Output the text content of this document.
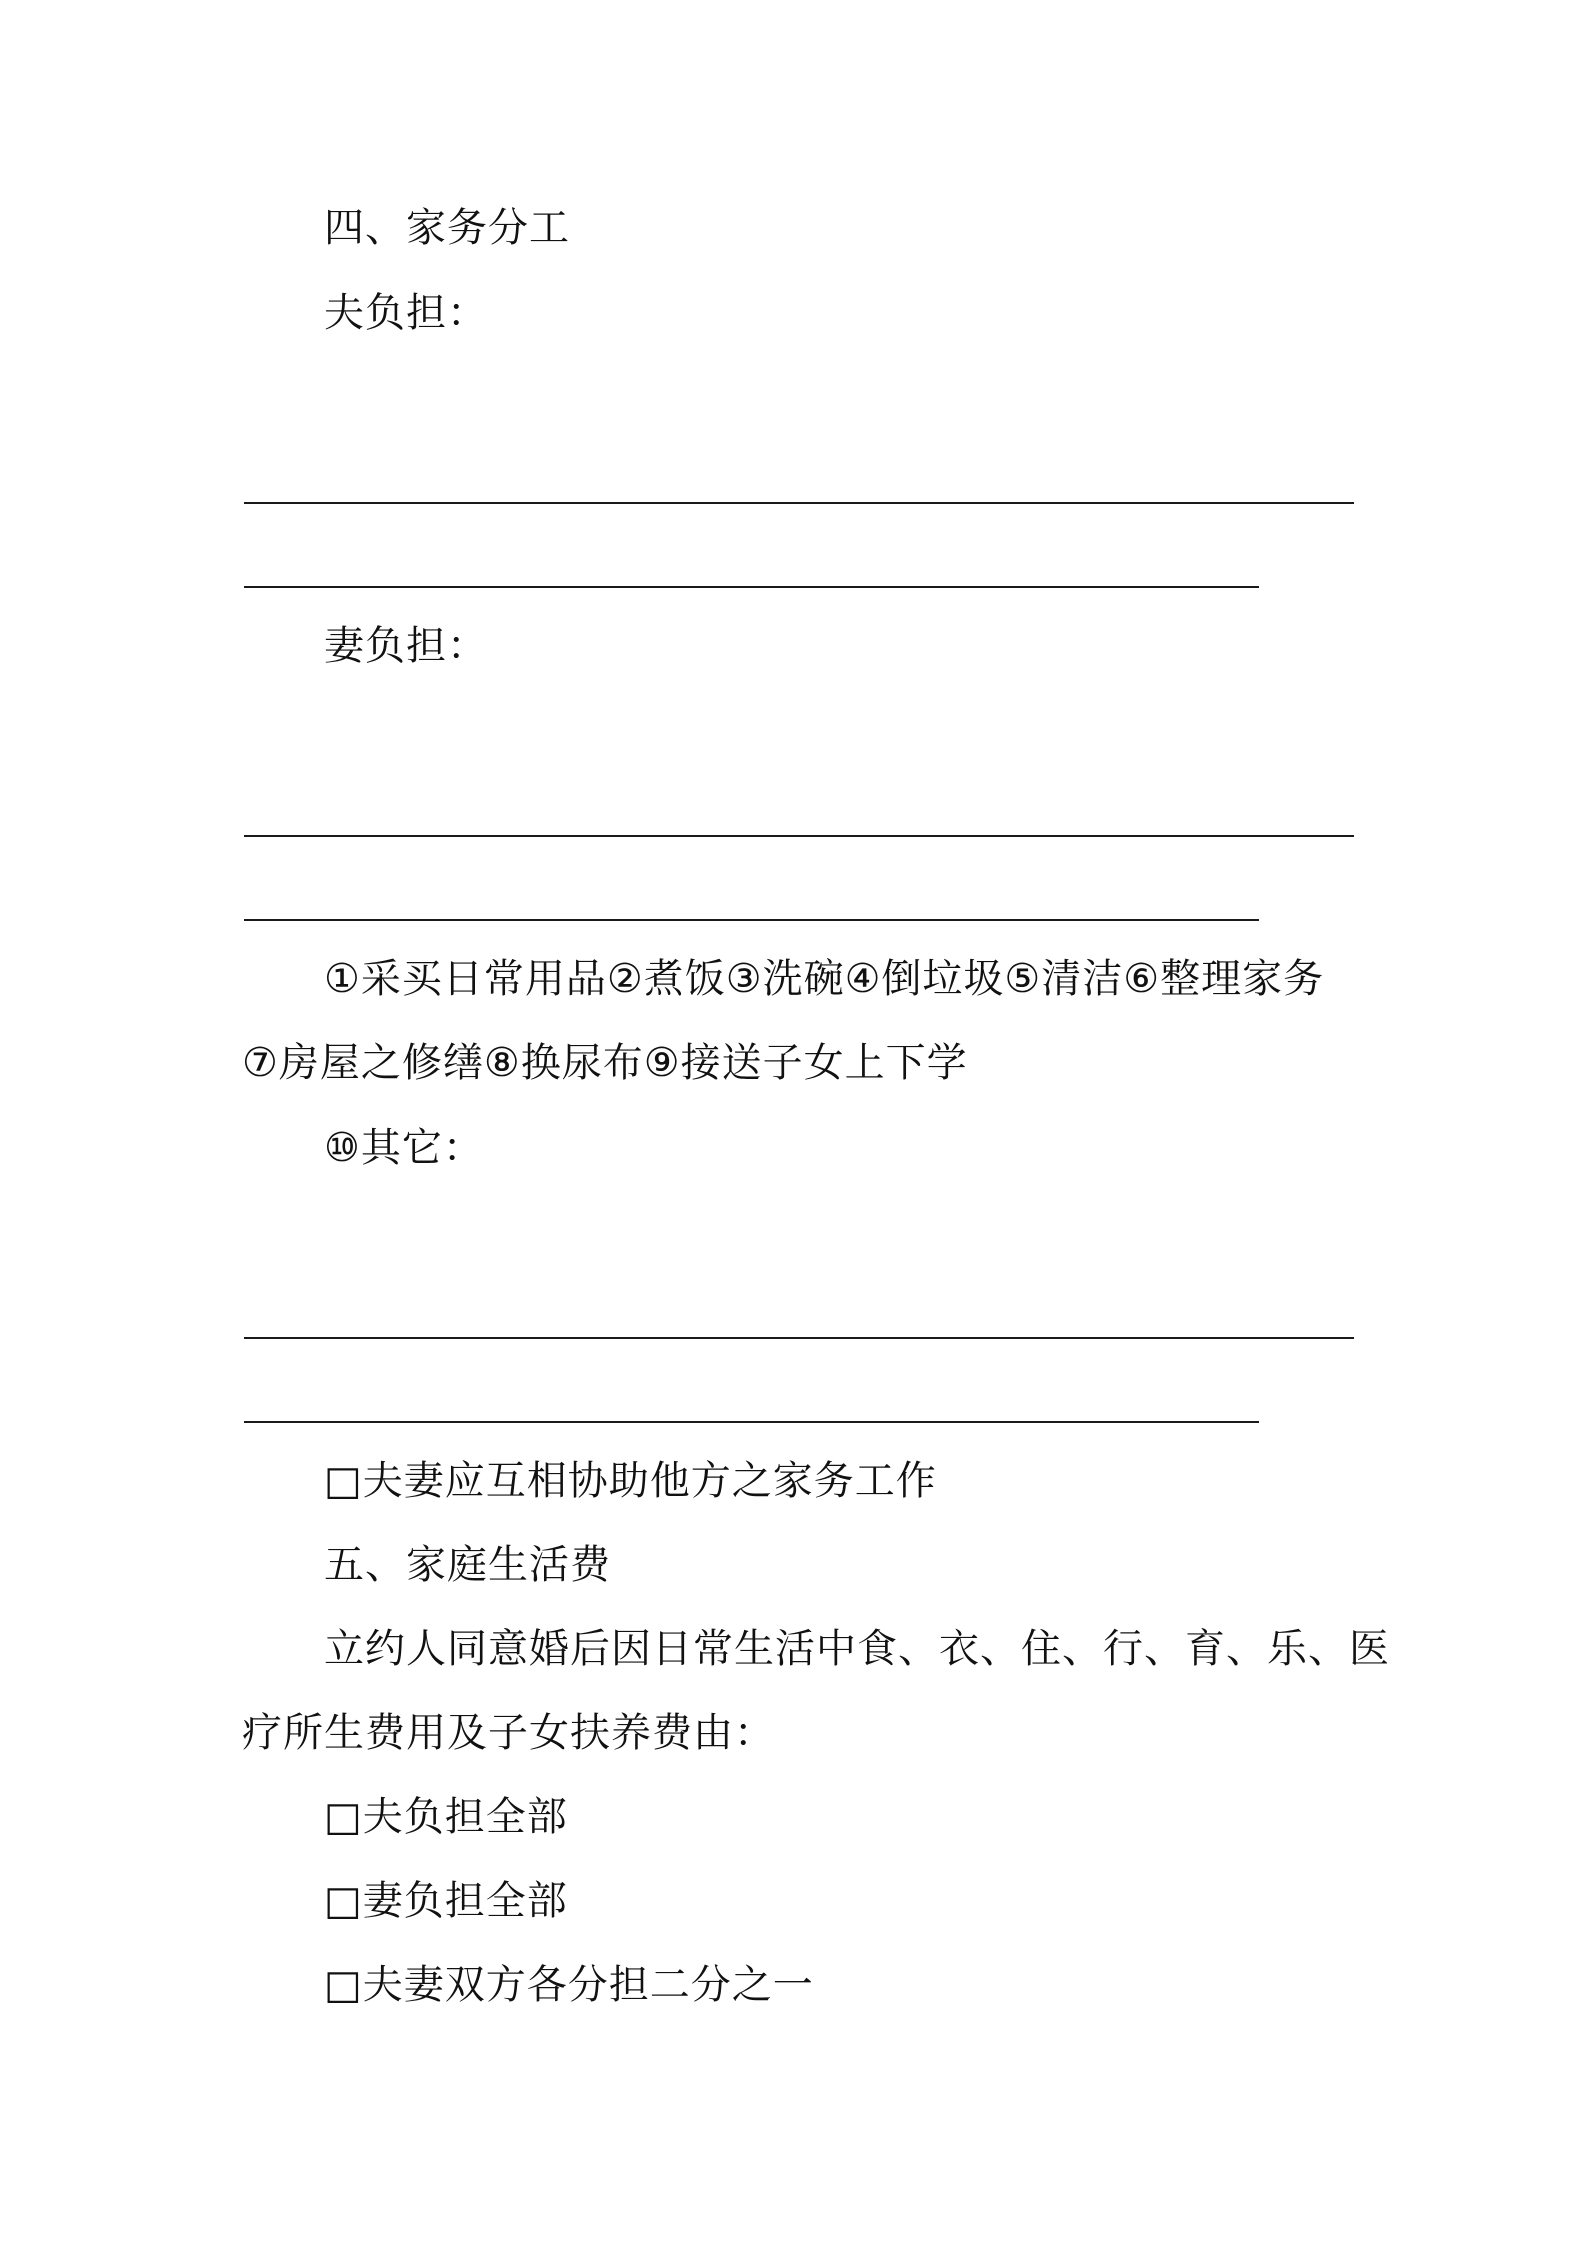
四、家务分工
夫负担：
妻负担：
①采买日常用品②煮饭③洗碗④倒垃圾⑤清洁⑥整理家务
⑦房屋之修缮⑧换尿布⑨接送子女上下学
⑩其它：
□夫妻应互相协助他方之家务工作
五、家庭生活费
立约人同意婚后因日常生活中食、衣、住、行、育、乐、医
疗所生费用及子女扶养费由：
□夫负担全部
□妻负担全部
□夫妻双方各分担二分之一
